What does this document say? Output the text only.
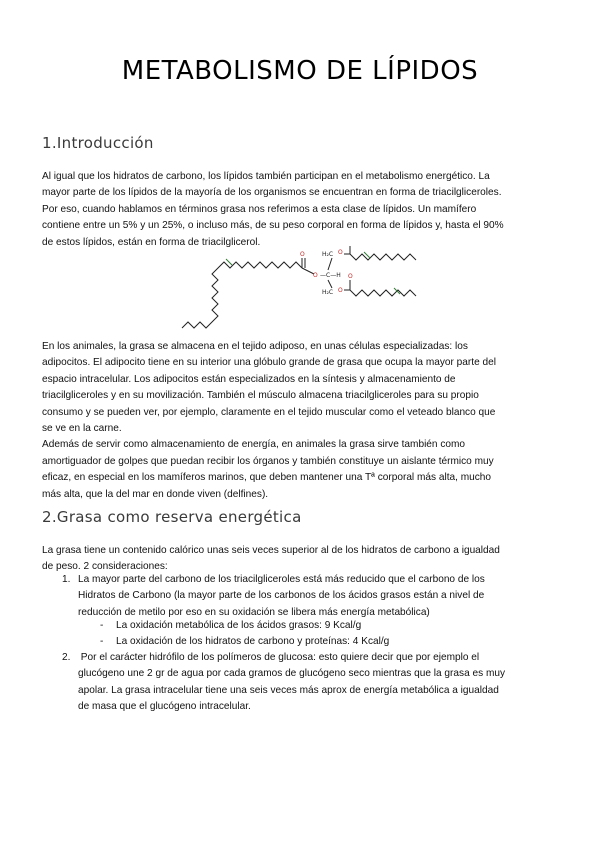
METABOLISMO DE LÍPIDOS
1.Introducción
Al igual que los hidratos de carbono, los lípidos también participan en el metabolismo energético. La
mayor parte de los lípidos de la mayoría de los organismos se encuentran en forma de triacilgliceroles.
Por eso, cuando hablamos en términos grasa nos referimos a esta clase de lípidos. Un mamífero
contiene entre un 5% y un 25%, o incluso más, de su peso corporal en forma de lípidos y, hasta el 90%
de estos lípidos, están en forma de triacilglicerol.
O
O —C—H
H₂C
H₂C
O
O
O
En los animales, la grasa se almacena en el tejido adiposo, en unas células especializadas: los
adipocitos. El adipocito tiene en su interior una glóbulo grande de grasa que ocupa la mayor parte del
espacio intracelular. Los adipocitos están especializados en la síntesis y almacenamiento de
triacilgliceroles y en su movilización. También el músculo almacena triacilgliceroles para su propio
consumo y se pueden ver, por ejemplo, claramente en el tejido muscular como el veteado blanco que
se ve en la carne.
Además de servir como almacenamiento de energía, en animales la grasa sirve también como
amortiguador de golpes que puedan recibir los órganos y también constituye un aislante térmico muy
eficaz, en especial en los mamíferos marinos, que deben mantener una Tª corporal más alta, mucho
más alta, que la del mar en donde viven (delfines).
2.Grasa como reserva energética
La grasa tiene un contenido calórico unas seis veces superior al de los hidratos de carbono a igualdad
de peso. 2 consideraciones:
1. La mayor parte del carbono de los triacilgliceroles está más reducido que el carbono de los
Hidratos de Carbono (la mayor parte de los carbonos de los ácidos grasos están a nivel de
reducción de metilo por eso en su oxidación se libera más energía metabólica)
- La oxidación metabólica de los ácidos grasos: 9 Kcal/g
- La oxidación de los hidratos de carbono y proteínas: 4 Kcal/g
2. Por el carácter hidrófilo de los polímeros de glucosa: esto quiere decir que por ejemplo el
glucógeno une 2 gr de agua por cada gramos de glucógeno seco mientras que la grasa es muy
apolar. La grasa intracelular tiene una seis veces más aprox de energía metabólica a igualdad
de masa que el glucógeno intracelular.
